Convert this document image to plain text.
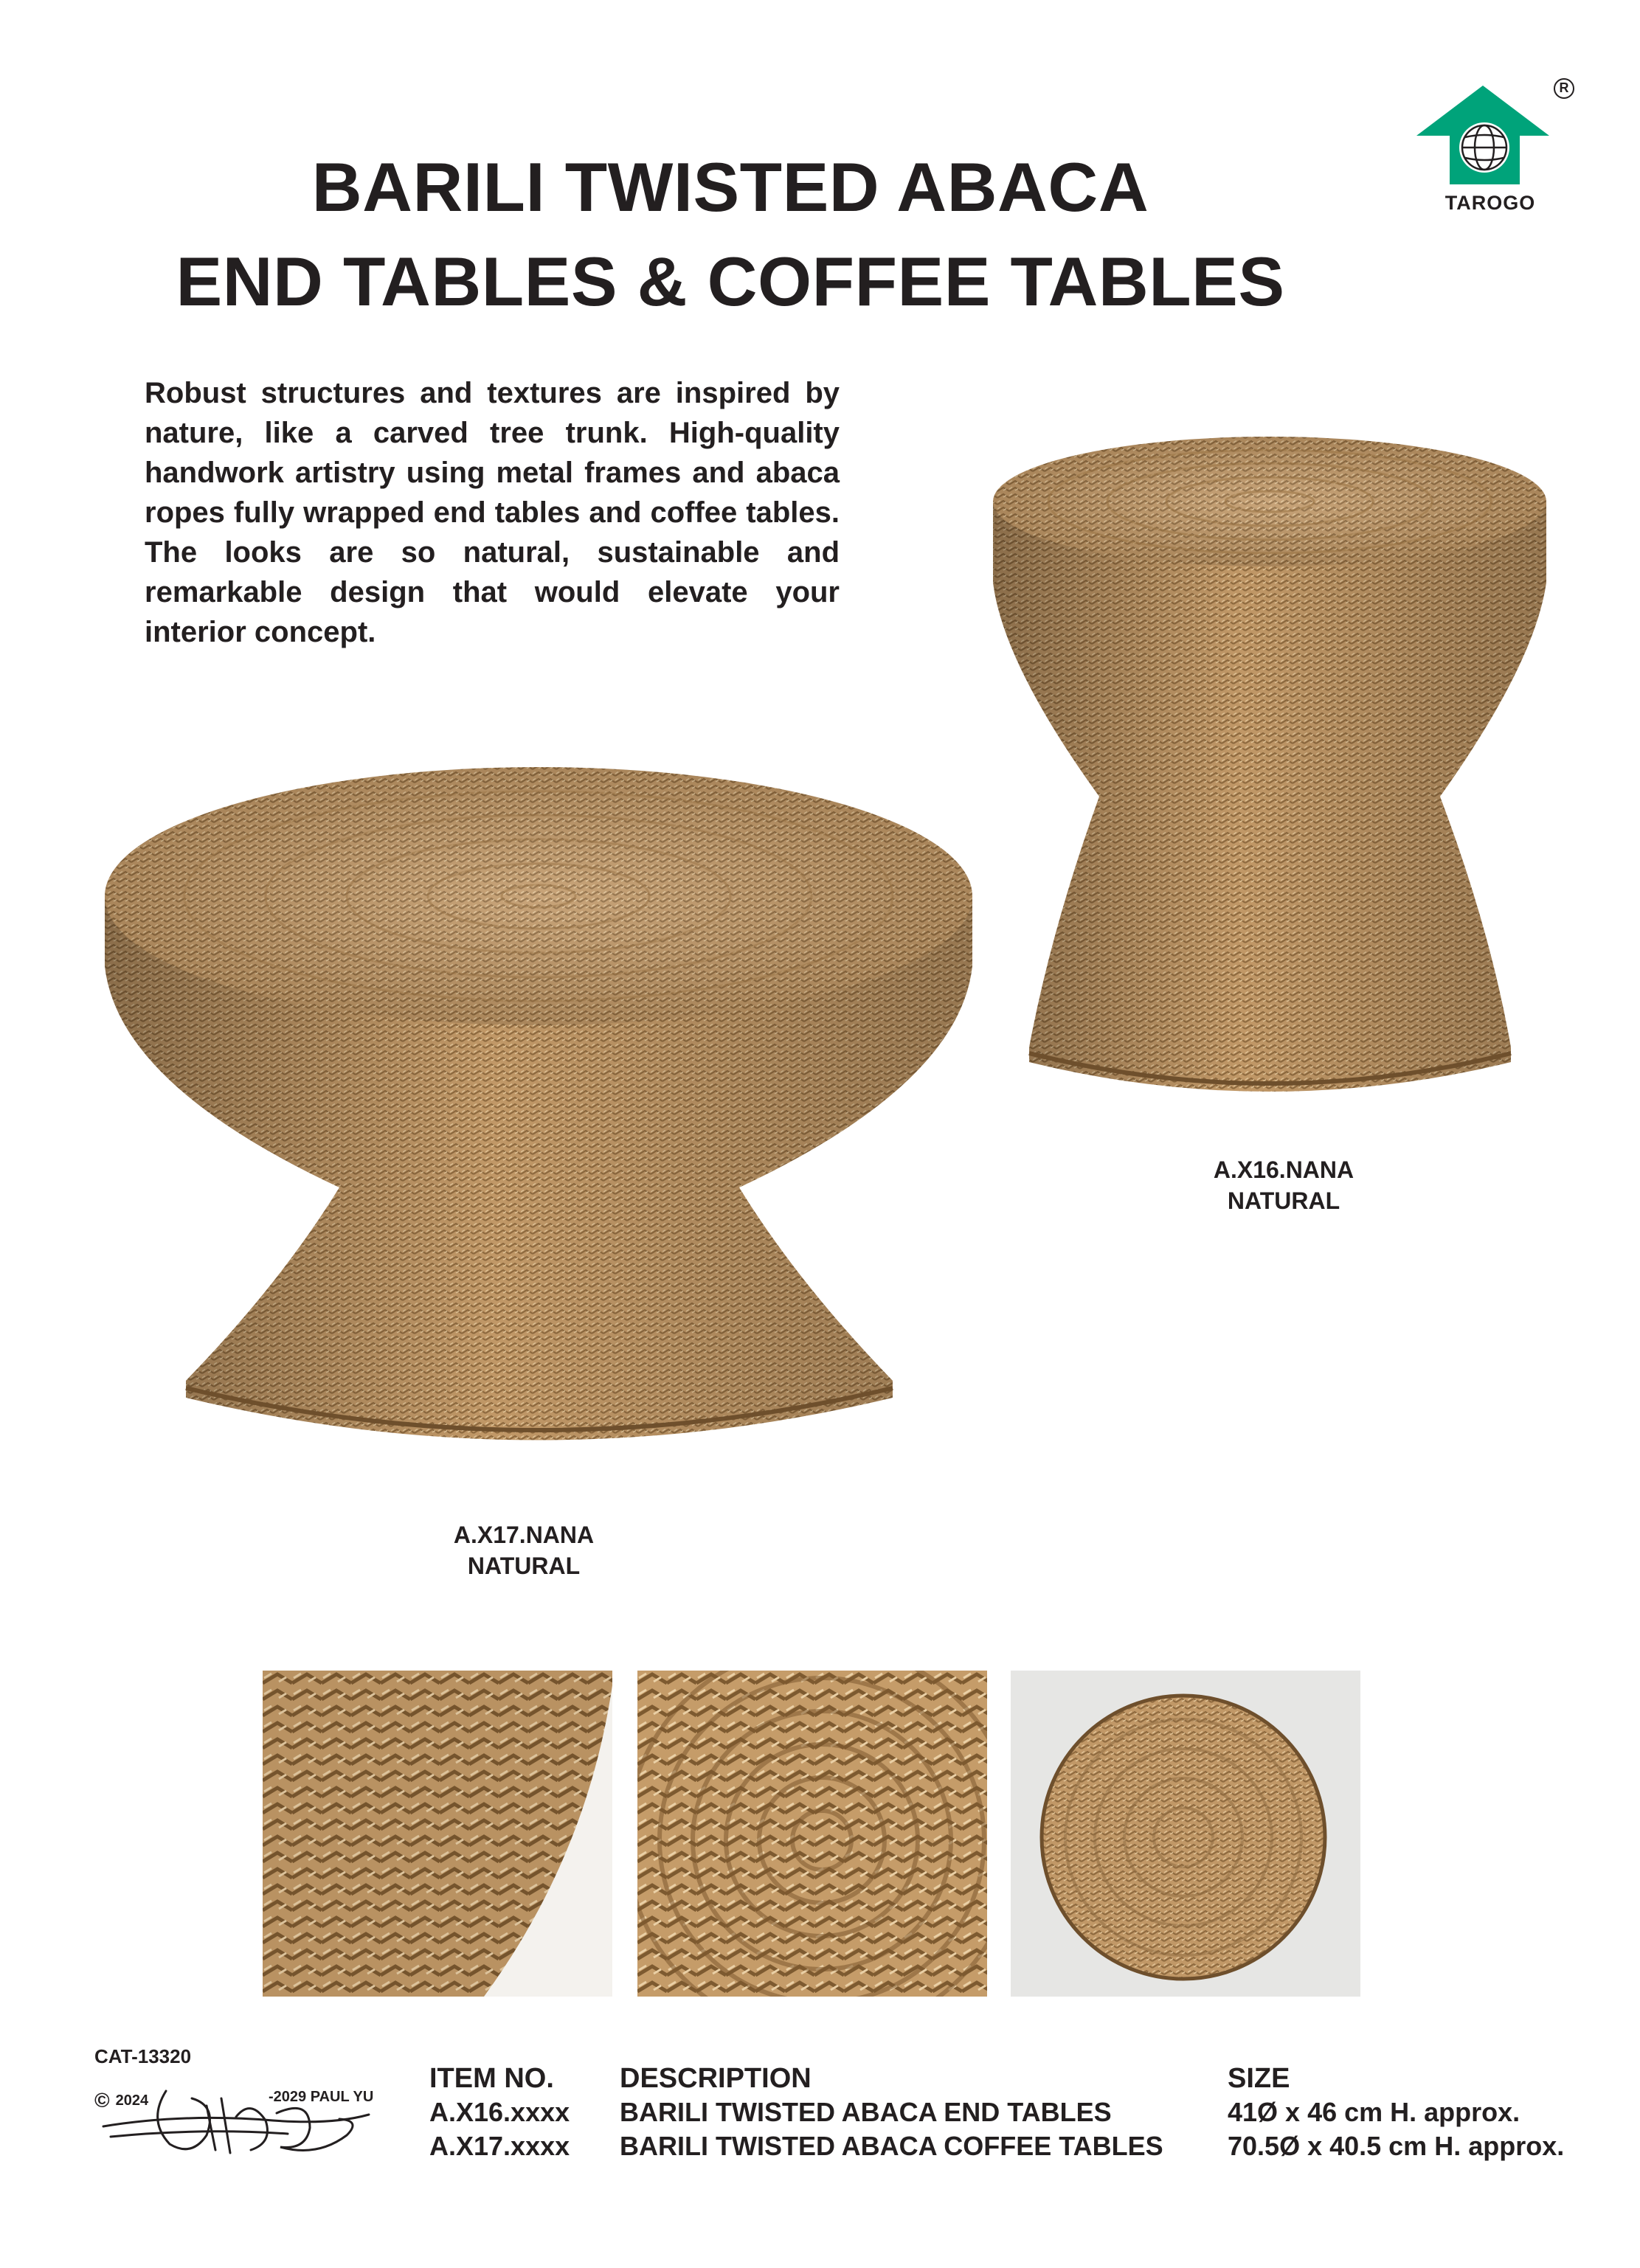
BARILI TWISTED ABACA
END TABLES & COFFEE TABLES
R
TAROGO
Robust structures and textures are inspired by nature, like a carved tree trunk. High-quality handwork artistry using metal frames and abaca ropes fully wrapped end tables and coffee tables. The looks are so natural, sustainable and remarkable design that would elevate your interior concept.
A.X16.NANA
NATURAL
A.X17.NANA
NATURAL
CAT-13320
© 2024	-2029 PAUL YU
ITEM NO. DESCRIPTION	SIZE
A.X16.xxxx BARILI TWISTED ABACA END TABLES	41Ø x 46 cm H. approx.
A.X17.xxxx BARILI TWISTED ABACA COFFEE TABLES 70.5Ø x 40.5 cm H. approx.
